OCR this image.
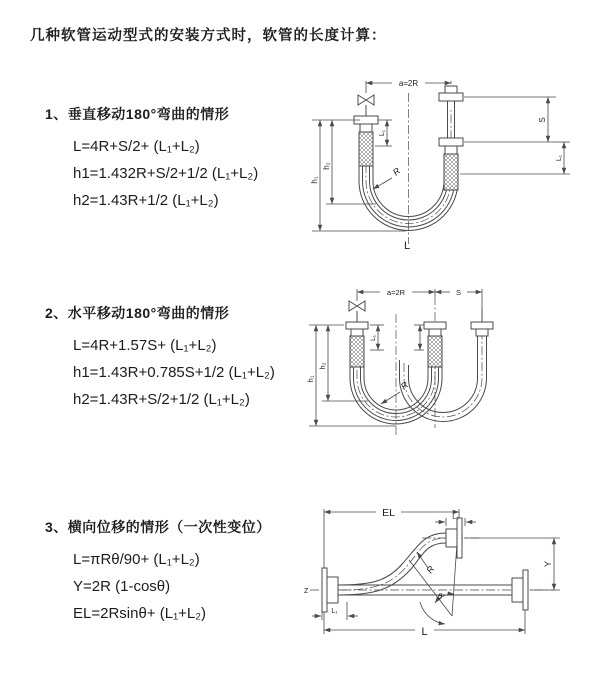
几种软管运动型式的安装方式时，软管的长度计算：
1、垂直移动180°弯曲的情形
L=4R+S/2+ (L₁+L₂)
h1=1.432R+S/2+1/2 (L₁+L₂)
h2=1.43R+1/2 (L₁+L₂)
2、水平移动180°弯曲的情形
L=4R+1.57S+ (L₁+L₂)
h1=1.43R+0.785S+1/2 (L₁+L₂)
h2=1.43R+S/2+1/2 (L₁+L₂)
3、横向位移的情形（一次性变位）
L=πRθ/90+ (L₁+L₂)
Y=2R (1-cosθ)
EL=2Rsinθ+ (L₁+L₂)
a=2R
h₁
h₂
L₁
S
L₁
R
L
a=2R	S
h₁
h₂
L₁
R
Z
EL	L₂
Y
R
θ
L₁
L
